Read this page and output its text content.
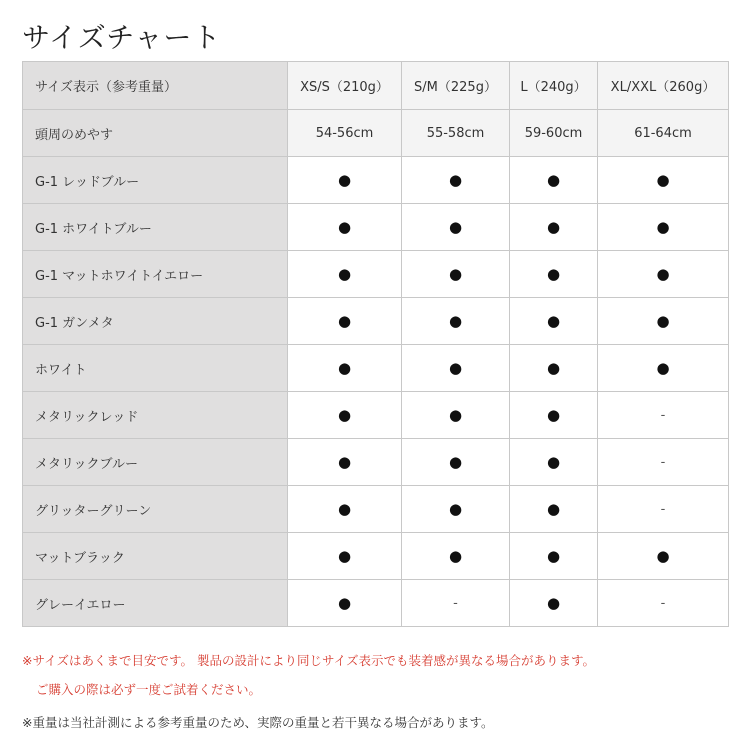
サイズチャート
サイズ表示（参考重量）	XS/S（210g）	S/M（225g）	L（240g）	XL/XXL（260g）
頭周のめやす	54-56cm	55-58cm	59-60cm	61-64cm
G-1 レッドブルー	●	●	●	●
G-1 ホワイトブルー	●	●	●	●
G-1 マットホワイトイエロー	●	●	●	●
G-1 ガンメタ	●	●	●	●
ホワイト	●	●	●	●
メタリックレッド	●	●	●	-
メタリックブルー	●	●	●	-
グリッターグリーン	●	●	●	-
マットブラック	●	●	●	●
グレーイエロー	●	-	●	-

※サイズはあくまで目安です。 製品の設計により同じサイズ表示でも装着感が異なる場合があります。

ご購入の際は必ず一度ご試着ください。

※重量は当社計測による参考重量のため、実際の重量と若干異なる場合があります。
